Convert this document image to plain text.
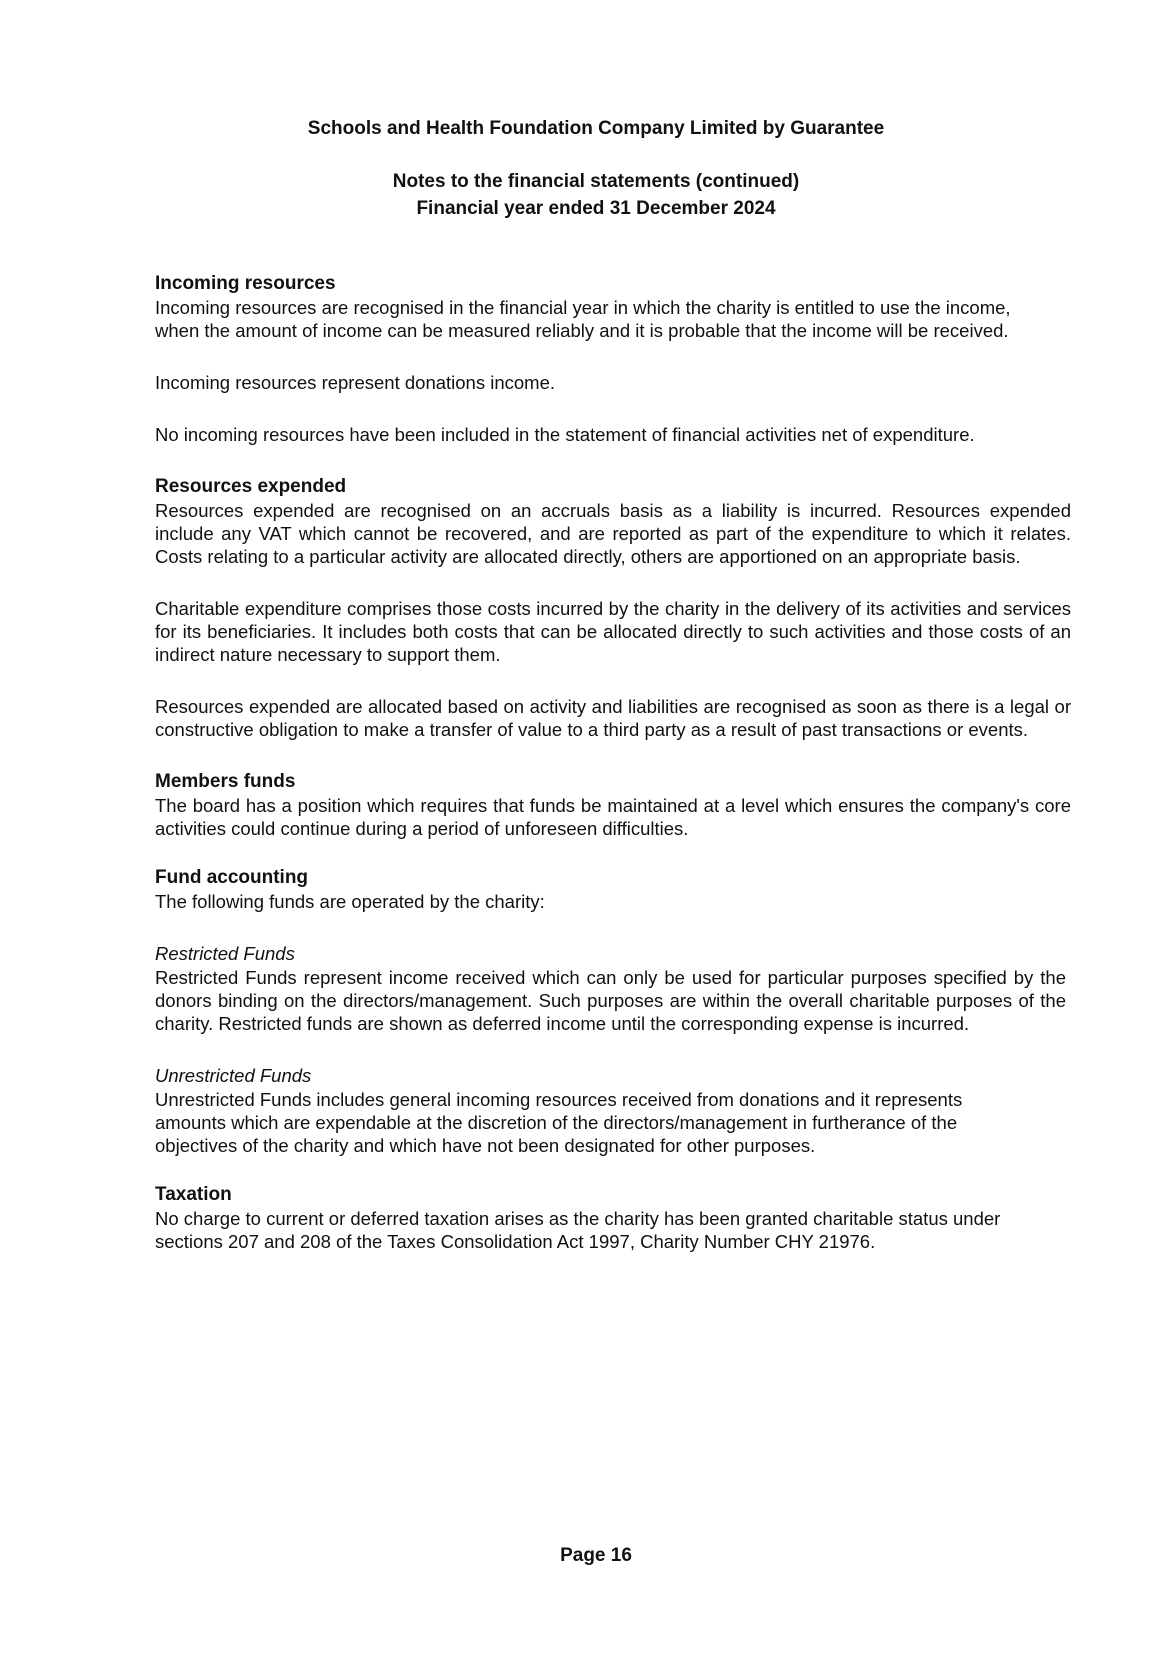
Schools and Health Foundation Company Limited by Guarantee
Notes to the financial statements (continued)
Financial year ended 31 December 2024
Incoming resources

Incoming resources are recognised in the financial year in which the charity is entitled to use the income, when the amount of income can be measured reliably and it is probable that the income will be received.

Incoming resources represent donations income.

No incoming resources have been included in the statement of financial activities net of expenditure.

Resources expended

Resources expended are recognised on an accruals basis as a liability is incurred. Resources expended include any VAT which cannot be recovered, and are reported as part of the expenditure to which it relates. Costs relating to a particular activity are allocated directly, others are apportioned on an appropriate basis.

Charitable expenditure comprises those costs incurred by the charity in the delivery of its activities and services for its beneficiaries. It includes both costs that can be allocated directly to such activities and those costs of an indirect nature necessary to support them.

Resources expended are allocated based on activity and liabilities are recognised as soon as there is a legal or constructive obligation to make a transfer of value to a third party as a result of past transactions or events.

Members funds

The board has a position which requires that funds be maintained at a level which ensures the company's core activities could continue during a period of unforeseen difficulties.

Fund accounting

The following funds are operated by the charity:

Restricted Funds

Restricted Funds represent income received which can only be used for particular purposes specified by the donors binding on the directors/management. Such purposes are within the overall charitable purposes of the charity. Restricted funds are shown as deferred income until the corresponding expense is incurred.

Unrestricted Funds

Unrestricted Funds includes general incoming resources received from donations and it represents amounts which are expendable at the discretion of the directors/management in furtherance of the objectives of the charity and which have not been designated for other purposes.

Taxation

No charge to current or deferred taxation arises as the charity has been granted charitable status under sections 207 and 208 of the Taxes Consolidation Act 1997, Charity Number CHY 21976.

Page 16
